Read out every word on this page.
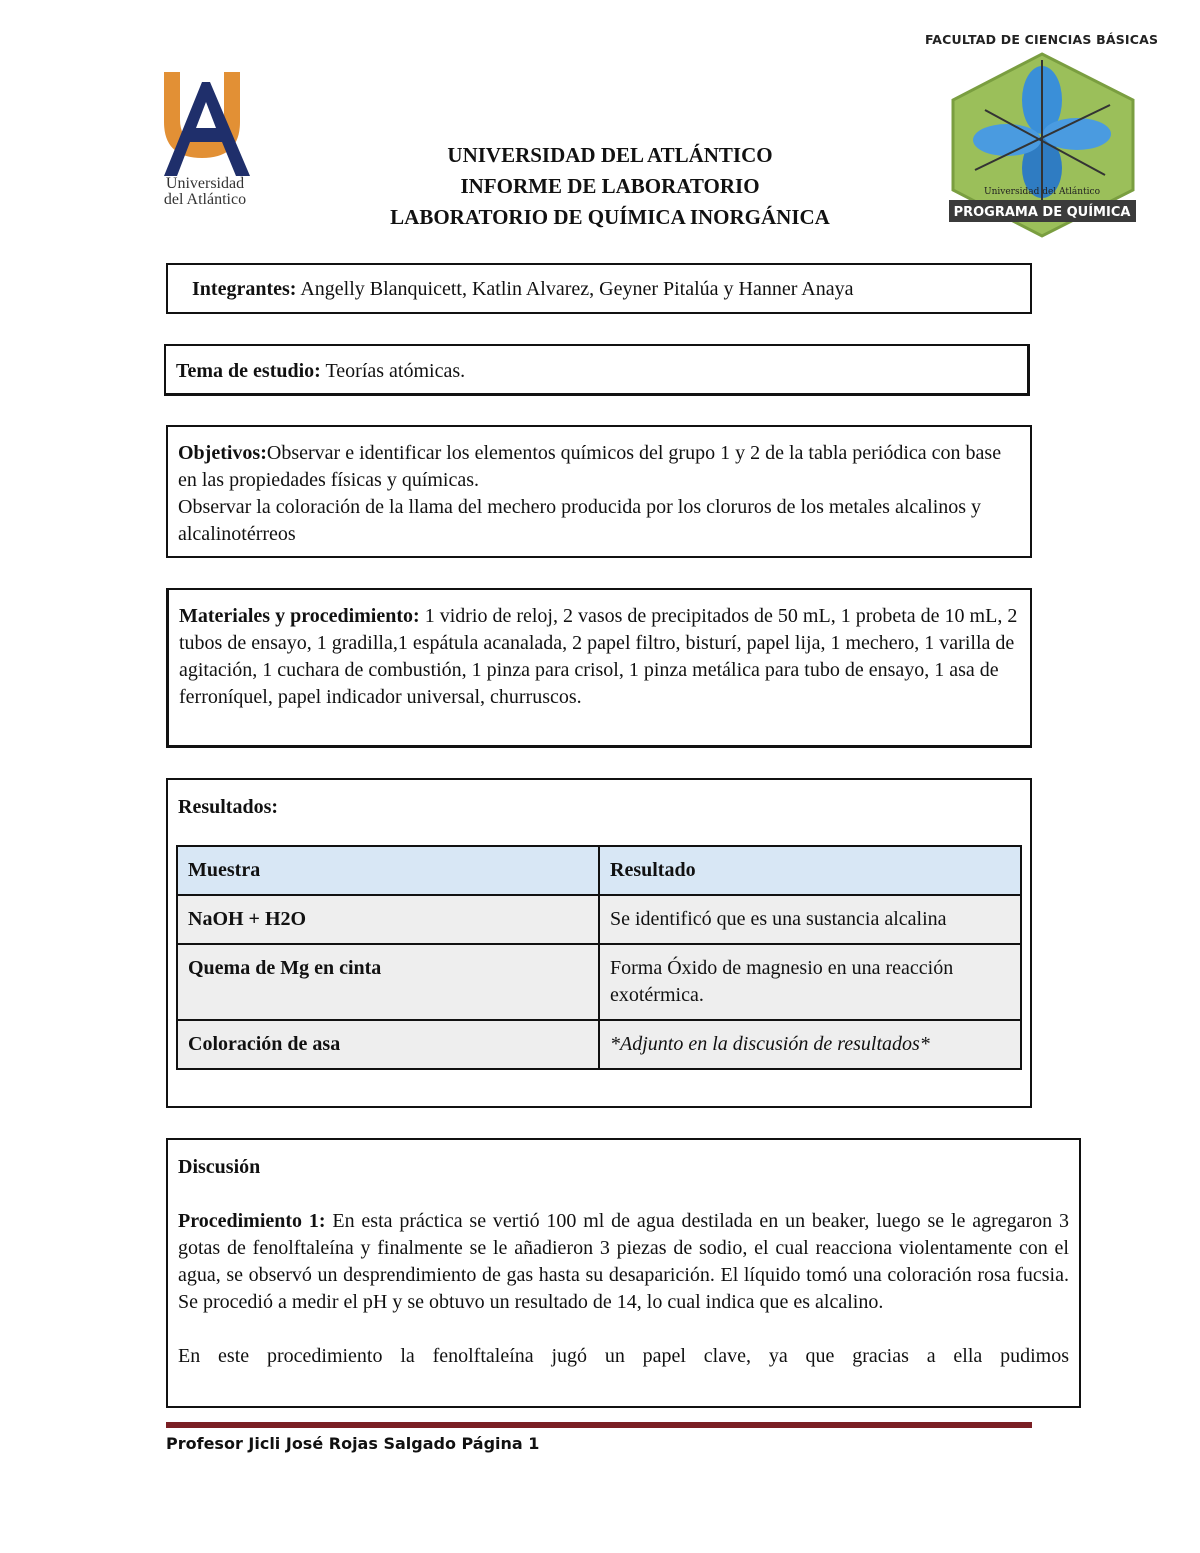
Universidad
del Atlántico
FACULTAD DE CIENCIAS BÁSICAS
Universidad del Atlántico
PROGRAMA DE QUÍMICA
UNIVERSIDAD DEL ATLÁNTICO
INFORME DE LABORATORIO
LABORATORIO DE QUÍMICA INORGÁNICA
Integrantes: Angelly Blanquicett, Katlin Alvarez, Geyner Pitalúa y Hanner Anaya
Tema de estudio: Teorías atómicas.
Objetivos:Observar e identificar los elementos químicos del grupo 1 y 2 de la tabla periódica con base en las propiedades físicas y químicas.
Observar la coloración de la llama del mechero producida por los cloruros de los metales alcalinos y alcalinotérreos
Materiales y procedimiento: 1 vidrio de reloj, 2 vasos de precipitados de 50 mL, 1 probeta de 10 mL, 2 tubos de ensayo, 1 gradilla,1 espátula acanalada, 2 papel filtro, bisturí, papel lija, 1 mechero, 1 varilla de agitación, 1 cuchara de combustión, 1 pinza para crisol, 1 pinza metálica para tubo de ensayo, 1 asa de ferroníquel, papel indicador universal, churruscos.
Resultados:
Muestra	Resultado
NaOH + H2O	Se identificó que es una sustancia alcalina
Quema de Mg en cinta	Forma Óxido de magnesio en una reacción exotérmica.
Coloración de asa	*Adjunto en la discusión de resultados*

Discusión

Procedimiento 1: En esta práctica se vertió 100 ml de agua destilada en un beaker, luego se le agregaron 3 gotas de fenolftaleína y finalmente se le añadieron 3 piezas de sodio, el cual reacciona violentamente con el agua, se observó un desprendimiento de gas hasta su desaparición. El líquido tomó una coloración rosa fucsia. Se procedió a medir el pH y se obtuvo un resultado de 14, lo cual indica que es alcalino.

En este procedimiento la fenolftaleína jugó un papel clave, ya que gracias a ella pudimos

Profesor Jicli José Rojas Salgado Página 1
